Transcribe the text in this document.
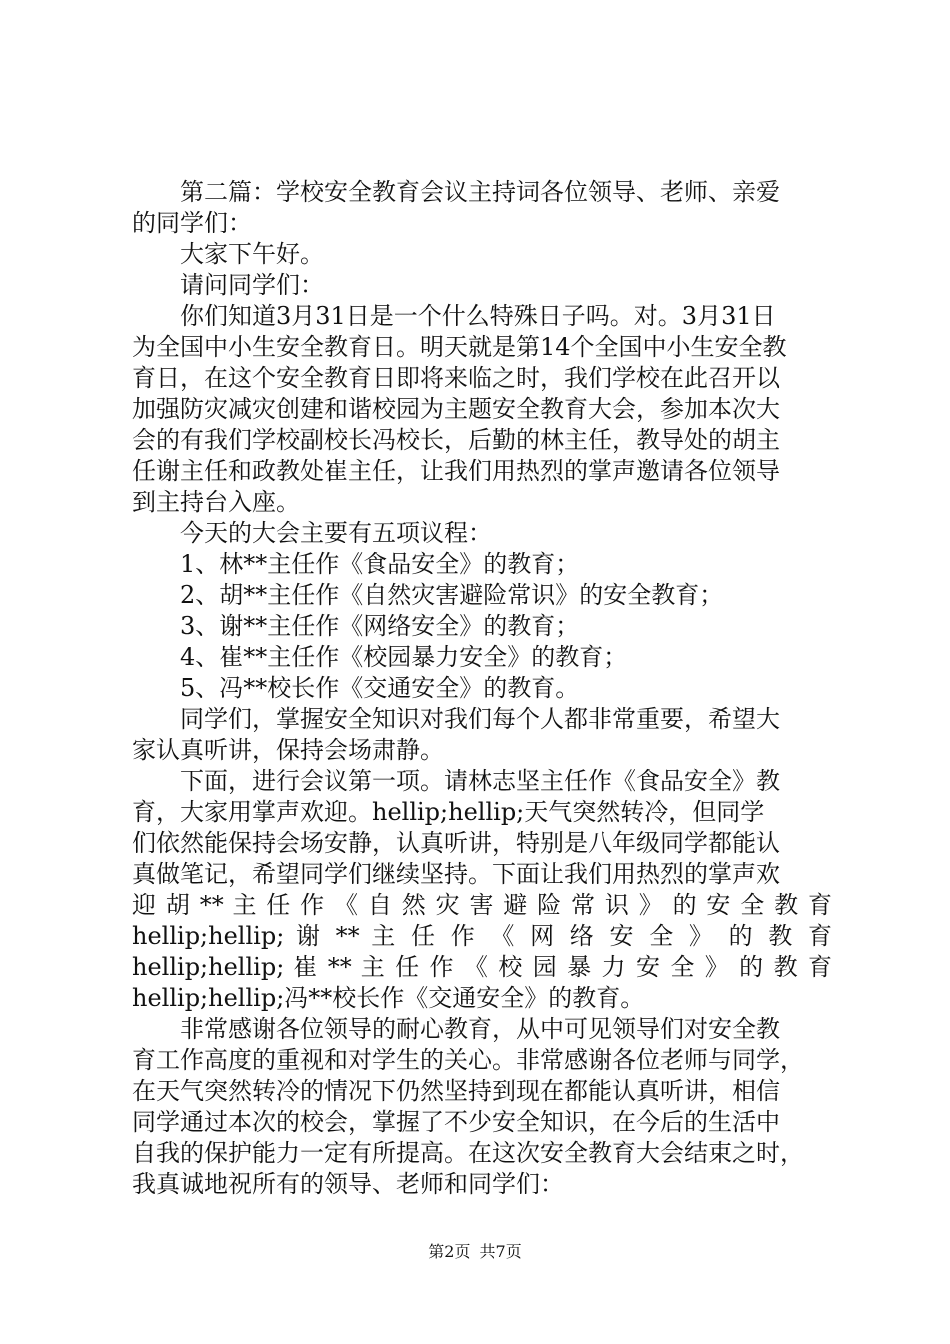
第二篇：学校安全教育会议主持词各位领导、老师、亲爱
的同学们：
大家下午好。
请问同学们：
你们知道3月31日是一个什么特殊日子吗。对。3月31日
为全国中小生安全教育日。明天就是第14个全国中小生安全教
育日，在这个安全教育日即将来临之时，我们学校在此召开以
加强防灾减灾创建和谐校园为主题安全教育大会，参加本次大
会的有我们学校副校长冯校长，后勤的林主任，教导处的胡主
任谢主任和政教处崔主任，让我们用热烈的掌声邀请各位领导
到主持台入座。
今天的大会主要有五项议程：
1、林**主任作《食品安全》的教育；
2、胡**主任作《自然灾害避险常识》的安全教育；
3、谢**主任作《网络安全》的教育；
4、崔**主任作《校园暴力安全》的教育；
5、冯**校长作《交通安全》的教育。
同学们，掌握安全知识对我们每个人都非常重要，希望大
家认真听讲，保持会场肃静。
下面，进行会议第一项。请林志坚主任作《食品安全》教
育，大家用掌声欢迎。hellip;hellip;天气突然转冷，但同学
们依然能保持会场安静，认真听讲，特别是八年级同学都能认
真做笔记，希望同学们继续坚持。下面让我们用热烈的掌声欢
迎 胡 ** 主 任 作 《 自 然 灾 害 避 险 常 识 》 的 安 全 教 育
hellip;hellip; 谢 ** 主 任 作 《 网 络 安 全 》 的 教 育
hellip;hellip; 崔 ** 主 任 作 《 校 园 暴 力 安 全 》 的 教 育
hellip;hellip;冯**校长作《交通安全》的教育。
非常感谢各位领导的耐心教育，从中可见领导们对安全教
育工作高度的重视和对学生的关心。非常感谢各位老师与同学，
在天气突然转冷的情况下仍然坚持到现在都能认真听讲，相信
同学通过本次的校会，掌握了不少安全知识，在今后的生活中
自我的保护能力一定有所提高。在这次安全教育大会结束之时，
我真诚地祝所有的领导、老师和同学们：
第2页 共7页
